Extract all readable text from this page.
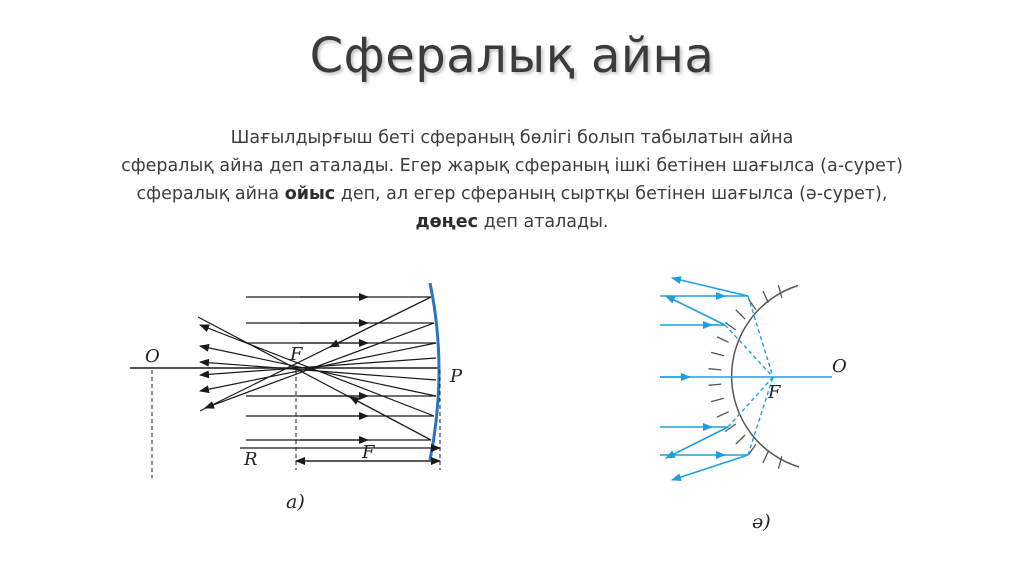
Сфералық айна
Шағылдырғыш беті сфераның бөлігі болып табылатын айна
сфералық айна деп аталады. Егер жарық сфераның ішкі бетінен шағылса (а-сурет)
сфералық айна ойыс деп, ал егер сфераның сыртқы бетінен шағылса (ә-сурет),
дөңес деп аталады.
O	F
P
R	F
а)
F
O
ә)
